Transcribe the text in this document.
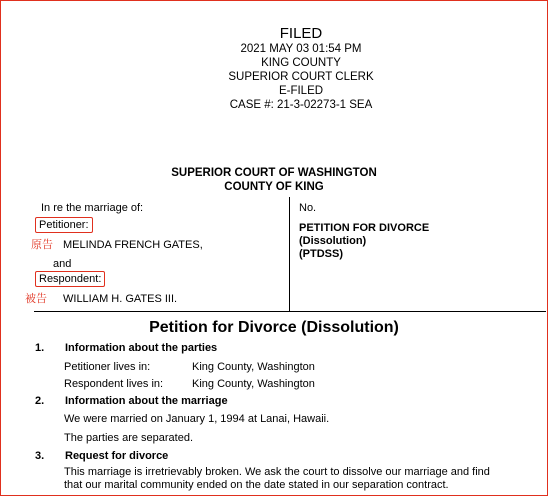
FILED
2021 MAY 03 01:54 PM
KING COUNTY
SUPERIOR COURT CLERK
E-FILED
CASE #: 21-3-02273-1 SEA
SUPERIOR COURT OF WASHINGTON
COUNTY OF KING
In re the marriage of:
Petitioner:
原告 MELINDA FRENCH GATES,
and
Respondent:
被告 WILLIAM H. GATES III.
No.
PETITION FOR DIVORCE
(Dissolution)
(PTDSS)
Petition for Divorce (Dissolution)
1. Information about the parties
Petitioner lives in:	King County, Washington
Respondent lives in:	King County, Washington
2. Information about the marriage
We were married on January 1, 1994 at Lanai, Hawaii.
The parties are separated.
3. Request for divorce
This marriage is irretrievably broken. We ask the court to dissolve our marriage and find
that our marital community ended on the date stated in our separation contract.
